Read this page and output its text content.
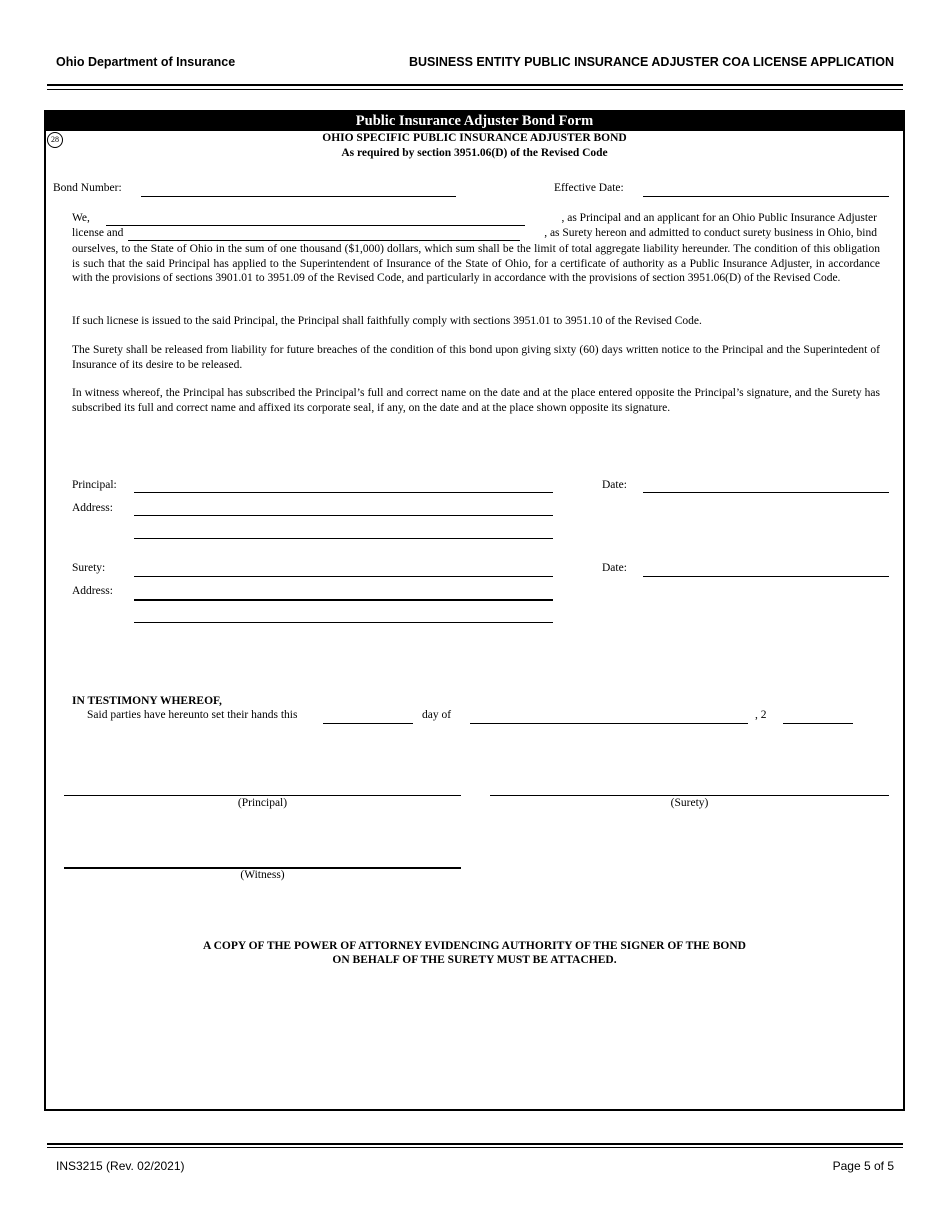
Ohio Department of Insurance	BUSINESS ENTITY PUBLIC INSURANCE ADJUSTER COA LICENSE APPLICATION
Public Insurance Adjuster Bond Form
28	OHIO SPECIFIC PUBLIC INSURANCE ADJUSTER BOND
As required by section 3951.06(D) of the Revised Code
Bond Number:	Effective Date:
We,	, as Principal and an applicant for an Ohio Public Insurance Adjuster
license and	, as Surety hereon and admitted to conduct surety business in Ohio, bind
ourselves, to the State of Ohio in the sum of one thousand ($1,000) dollars, which sum shall be the limit of total aggregate liability hereunder. The condition of this obligation is such that the said Principal has applied to the Superintendent of Insurance of the State of Ohio, for a certificate of authority as a Public Insurance Adjuster, in accordance with the provisions of sections 3901.01 to 3951.09 of the Revised Code, and particularly in accordance with the provisions of section 3951.06(D) of the Revised Code.
If such licnese is issued to the said Principal, the Principal shall faithfully comply with sections 3951.01 to 3951.10 of the Revised Code.
The Surety shall be released from liability for future breaches of the condition of this bond upon giving sixty (60) days written notice to the Principal and the Superintedent of Insurance of its desire to be released.
In witness whereof, the Principal has subscribed the Principal’s full and correct name on the date and at the place entered opposite the Principal’s signature, and the Surety has subscribed its full and correct name and affixed its corporate seal, if any, on the date and at the place shown opposite its signature.
Principal:	Date:
Address:
Surety:	Date:
Address:
IN TESTIMONY WHEREOF,
Said parties have hereunto set their hands this	day of	, 2
(Principal)	(Surety)
(Witness)
A COPY OF THE POWER OF ATTORNEY EVIDENCING AUTHORITY OF THE SIGNER OF THE BOND
ON BEHALF OF THE SURETY MUST BE ATTACHED.
INS3215 (Rev. 02/2021)	Page 5 of 5
